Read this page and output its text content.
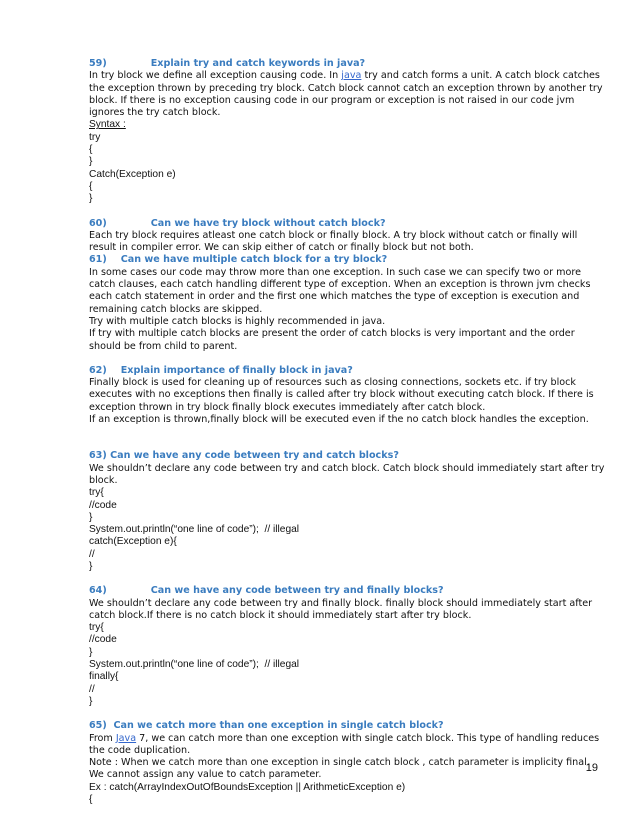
59)	Explain try and catch keywords in java?
In try block we define all exception causing code. In java try and catch forms a unit. A catch block catches
the exception thrown by preceding try block. Catch block cannot catch an exception thrown by another try
block. If there is no exception causing code in our program or exception is not raised in our code jvm
ignores the try catch block.
Syntax :
try
{
}
Catch(Exception e)
{
}
60)	Can we have try block without catch block?
Each try block requires atleast one catch block or finally block. A try block without catch or finally will
result in compiler error. We can skip either of catch or finally block but not both.
61) Can we have multiple catch block for a try block?
In some cases our code may throw more than one exception. In such case we can specify two or more
catch clauses, each catch handling different type of exception. When an exception is thrown jvm checks
each catch statement in order and the first one which matches the type of exception is execution and
remaining catch blocks are skipped.
Try with multiple catch blocks is highly recommended in java.
If try with multiple catch blocks are present the order of catch blocks is very important and the order
should be from child to parent.
62) Explain importance of finally block in java?
Finally block is used for cleaning up of resources such as closing connections, sockets etc. if try block
executes with no exceptions then finally is called after try block without executing catch block. If there is
exception thrown in try block finally block executes immediately after catch block.
If an exception is thrown,finally block will be executed even if the no catch block handles the exception.
63) Can we have any code between try and catch blocks?
We shouldn’t declare any code between try and catch block. Catch block should immediately start after try
block.
try{
//code
}
System.out.println(“one line of code”);  // illegal
catch(Exception e){
//
}
64)	Can we have any code between try and finally blocks?
We shouldn’t declare any code between try and finally block. finally block should immediately start after
catch block.If there is no catch block it should immediately start after try block.
try{
//code
}
System.out.println(“one line of code”);  // illegal
finally{
//
}
65) Can we catch more than one exception in single catch block?
From Java 7, we can catch more than one exception with single catch block. This type of handling reduces
the code duplication.
Note : When we catch more than one exception in single catch block , catch parameter is implicity final.
We cannot assign any value to catch parameter.
Ex : catch(ArrayIndexOutOfBoundsException || ArithmeticException e)
{
19
